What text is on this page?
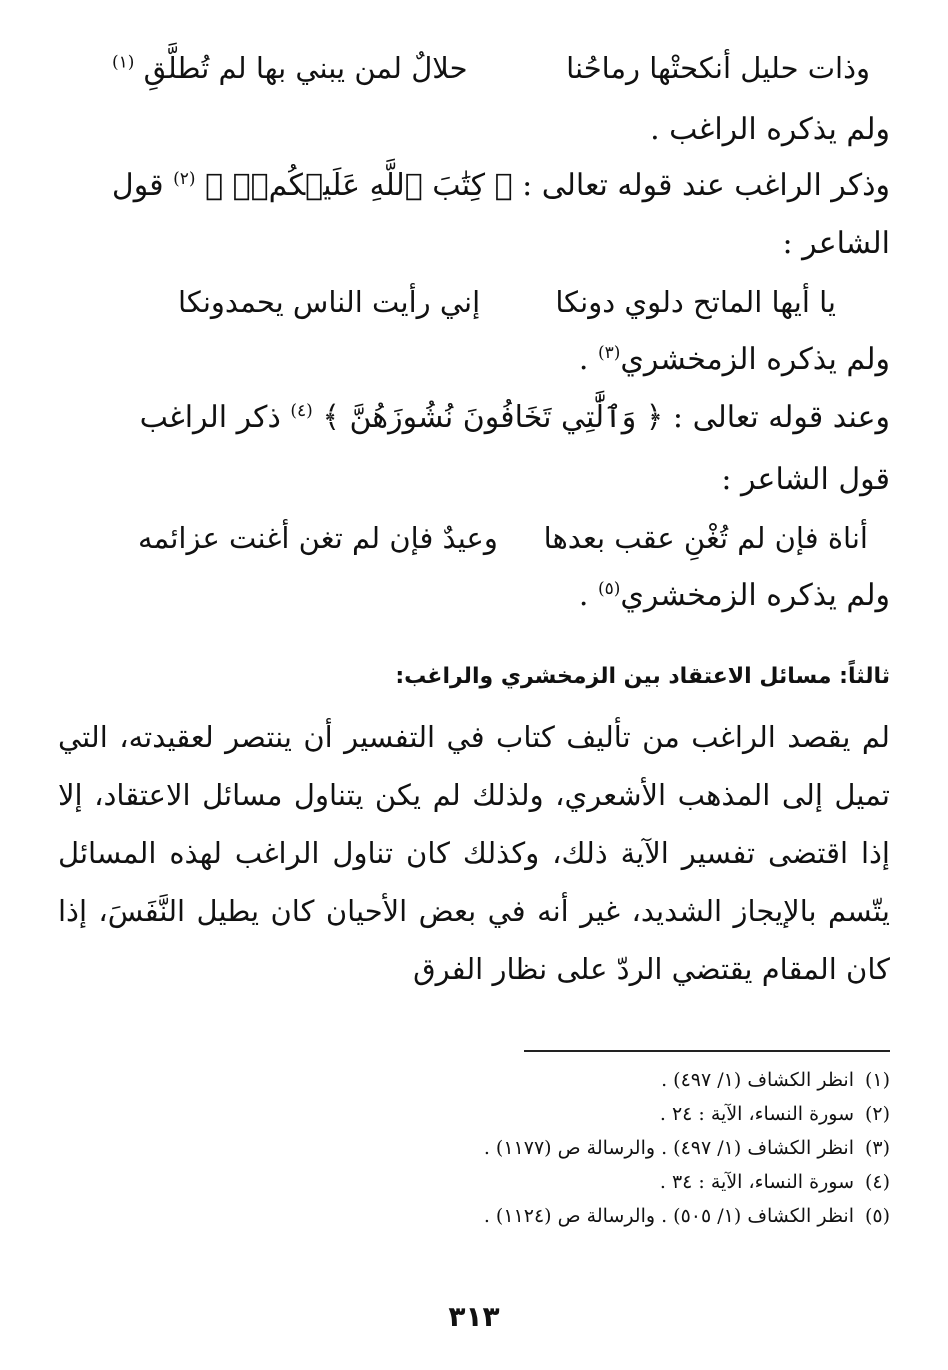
وذات حليل أنكحتْها رماحُنا
حلالٌ لمن يبني بها لم تُطلَّقِ $^{(١)}$
ولم يذكره الراغب .
وذكر الراغب عند قوله تعالى : ﴿ كِتَٰبَ ٱللَّهِ عَلَيۡكُمۡۚ ﴾ $^{(٢)}$ قول
الشاعر :
يا أيها الماتح دلوي دونكا
إني رأيت الناس يحمدونكا
ولم يذكره الزمخشري$^{(٣)}$ .
وعند قوله تعالى : ﴿ وَٱلَّٰتِي تَخَافُونَ نُشُوزَهُنَّ ﴾ $^{(٤)}$ ذكر الراغب
قول الشاعر :
أناة فإن لم تُغْنِ عقب بعدها
وعيدٌ فإن لم تغن أغنت عزائمه
ولم يذكره الزمخشري$^{(٥)}$ .
ثالثاً: مسائل الاعتقاد بين الزمخشري والراغب:
لم يقصد الراغب من تأليف كتاب في التفسير أن ينتصر لعقيدته، التي تميل إلى المذهب الأشعري، ولذلك لم يكن يتناول مسائل الاعتقاد، إلا إذا اقتضى تفسير الآية ذلك، وكذلك كان تناول الراغب لهذه المسائل يتّسم بالإيجاز الشديد، غير أنه في بعض الأحيان كان يطيل النَّفَسَ، إذا كان المقام يقتضي الردّ على نظار الفرق
(١)انظر الكشاف (١/ ٤٩٧) .
(٢)سورة النساء، الآية : ٢٤ .
(٣)انظر الكشاف (١/ ٤٩٧) . والرسالة ص (١١٧٧) .
(٤)سورة النساء، الآية : ٣٤ .
(٥)انظر الكشاف (١/ ٥٠٥) . والرسالة ص (١١٢٤) .
٣١٣
